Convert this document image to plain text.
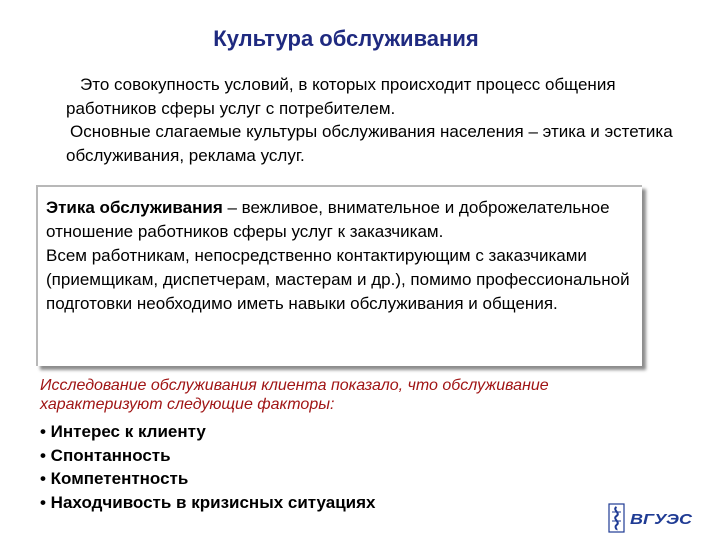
Культура обслуживания

Это совокупность условий, в которых происходит процесс общения работников сферы услуг с потребителем.

Основные слагаемые культуры обслуживания населения – этика и эстетика обслуживания, реклама услуг.

Этика обслуживания – вежливое, внимательное и доброжелательное отношение работников сферы услуг к заказчикам.

Всем работникам, непосредственно контактирующим с заказчиками (приемщикам, диспетчерам, мастерам и др.), помимо профессиональной подготовки необходимо иметь навыки обслуживания и общения.

Исследование обслуживания клиента показало, что обслуживание характеризуют следующие факторы:
• Интерес к клиенту
• Спонтанность
• Компетентность
• Находчивость в кризисных ситуациях
ВГУЭС
